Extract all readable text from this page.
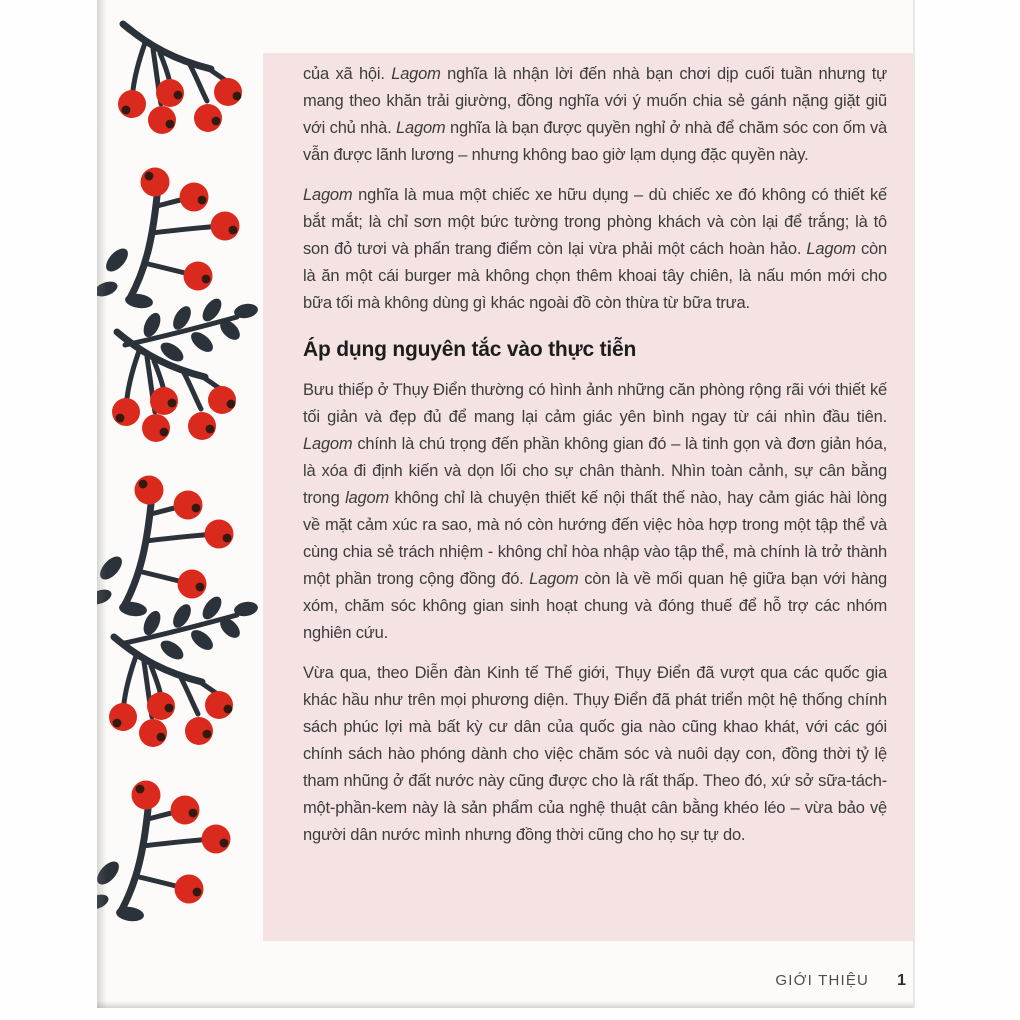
của xã hội. Lagom nghĩa là nhận lời đến nhà bạn chơi dịp cuối tuần nhưng tự mang theo khăn trải giường, đồng nghĩa với ý muốn chia sẻ gánh nặng giặt giũ với chủ nhà. Lagom nghĩa là bạn được quyền nghỉ ở nhà để chăm sóc con ốm và vẫn được lãnh lương – nhưng không bao giờ lạm dụng đặc quyền này.

Lagom nghĩa là mua một chiếc xe hữu dụng – dù chiếc xe đó không có thiết kế bắt mắt; là chỉ sơn một bức tường trong phòng khách và còn lại để trắng; là tô son đỏ tươi và phấn trang điểm còn lại vừa phải một cách hoàn hảo. Lagom còn là ăn một cái burger mà không chọn thêm khoai tây chiên, là nấu món mới cho bữa tối mà không dùng gì khác ngoài đồ còn thừa từ bữa trưa.

Áp dụng nguyên tắc vào thực tiễn

Bưu thiếp ở Thụy Điển thường có hình ảnh những căn phòng rộng rãi với thiết kế tối giản và đẹp đủ để mang lại cảm giác yên bình ngay từ cái nhìn đầu tiên. Lagom chính là chú trọng đến phần không gian đó – là tinh gọn và đơn giản hóa, là xóa đi định kiến và dọn lối cho sự chân thành. Nhìn toàn cảnh, sự cân bằng trong lagom không chỉ là chuyện thiết kế nội thất thế nào, hay cảm giác hài lòng về mặt cảm xúc ra sao, mà nó còn hướng đến việc hòa hợp trong một tập thể và cùng chia sẻ trách nhiệm - không chỉ hòa nhập vào tập thể, mà chính là trở thành một phần trong cộng đồng đó. Lagom còn là về mối quan hệ giữa bạn với hàng xóm, chăm sóc không gian sinh hoạt chung và đóng thuế để hỗ trợ các nhóm nghiên cứu.

Vừa qua, theo Diễn đàn Kinh tế Thế giới, Thụy Điển đã vượt qua các quốc gia khác hầu như trên mọi phương diện. Thụy Điển đã phát triển một hệ thống chính sách phúc lợi mà bất kỳ cư dân của quốc gia nào cũng khao khát, với các gói chính sách hào phóng dành cho việc chăm sóc và nuôi dạy con, đồng thời tỷ lệ tham nhũng ở đất nước này cũng được cho là rất thấp. Theo đó, xứ sở sữa-tách-một-phần-kem này là sản phẩm của nghệ thuật cân bằng khéo léo – vừa bảo vệ người dân nước mình nhưng đồng thời cũng cho họ sự tự do.

GIỚI THIỆU 1
